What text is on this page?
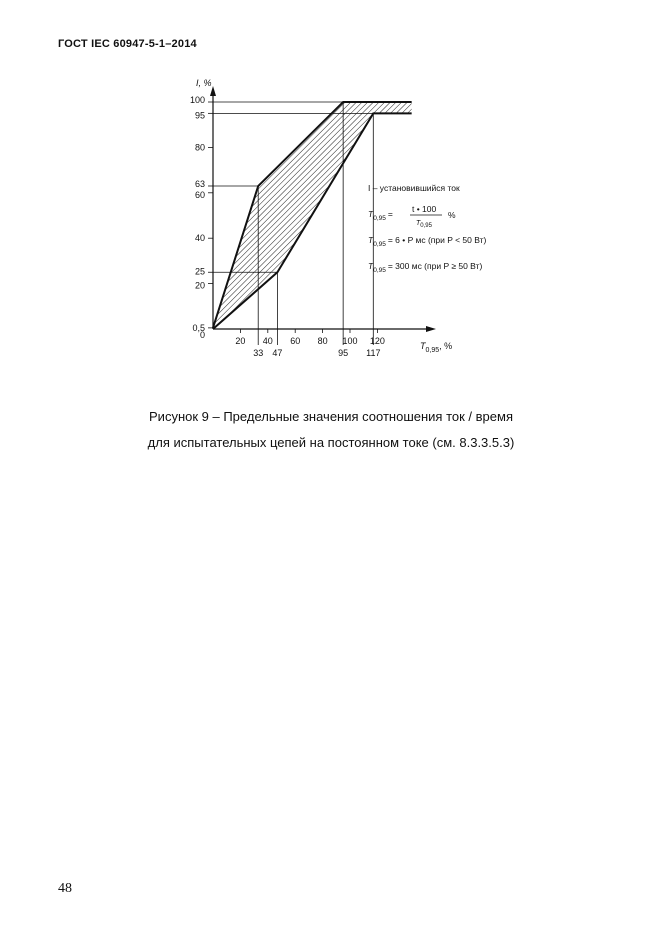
ГОСТ IEC 60947-5-1–2014
100
95
80
63
60
40
25
20
0,5
0
20 40 60 80 100 120
33 47	95 117
I, %
$T_{0,95}$, %
I – установившийся ток
$T_{0,95} = t$ • 100
$T_{0,95}$
%
$T_{0,95} = 6$ • P мс (при P < 50 Вт)
$T_{0,95} = 300$ мс (при P ≥ 50 Вт)
Рисунок 9 – Предельные значения соотношения ток / время
для испытательных цепей на постоянном токе (см. 8.3.3.5.3)
48
